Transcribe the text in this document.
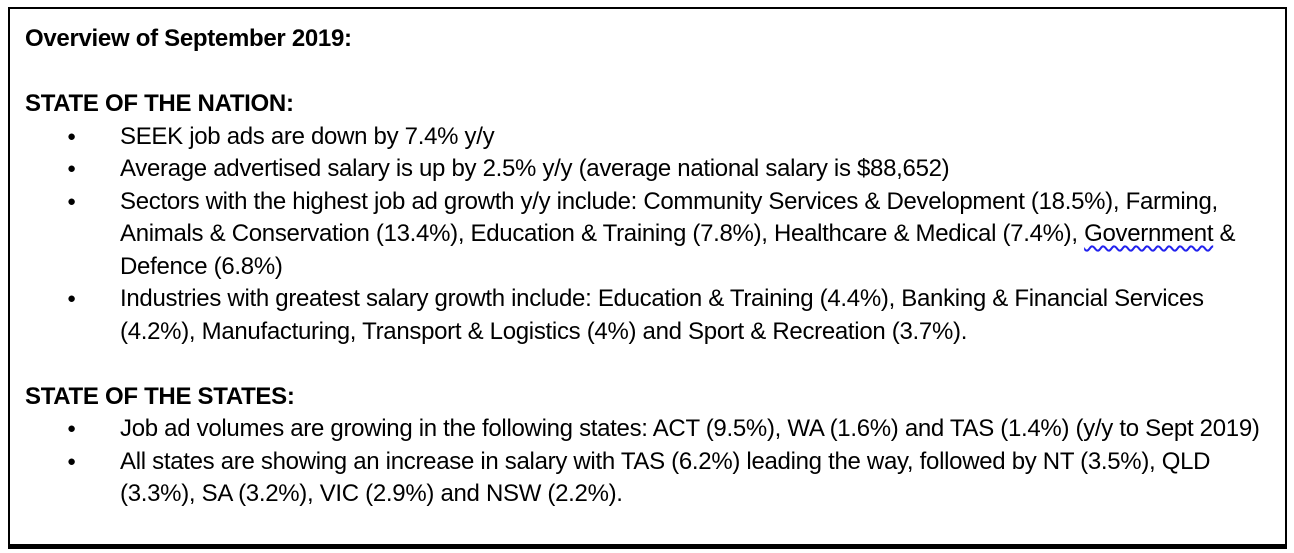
Overview of September 2019:
STATE OF THE NATION:
● SEEK job ads are down by 7.4% y/y
● Average advertised salary is up by 2.5% y/y (average national salary is $88,652)
● Sectors with the highest job ad growth y/y include: Community Services & Development (18.5%), Farming, Animals & Conservation (13.4%), Education & Training (7.8%), Healthcare & Medical (7.4%), Government & Defence (6.8%)
● Industries with greatest salary growth include: Education & Training (4.4%), Banking & Financial Services (4.2%), Manufacturing, Transport & Logistics (4%) and Sport & Recreation (3.7%).
STATE OF THE STATES:
● Job ad volumes are growing in the following states: ACT (9.5%), WA (1.6%) and TAS (1.4%) (y/y to Sept 2019)
● All states are showing an increase in salary with TAS (6.2%) leading the way, followed by NT (3.5%), QLD (3.3%), SA (3.2%), VIC (2.9%) and NSW (2.2%).
